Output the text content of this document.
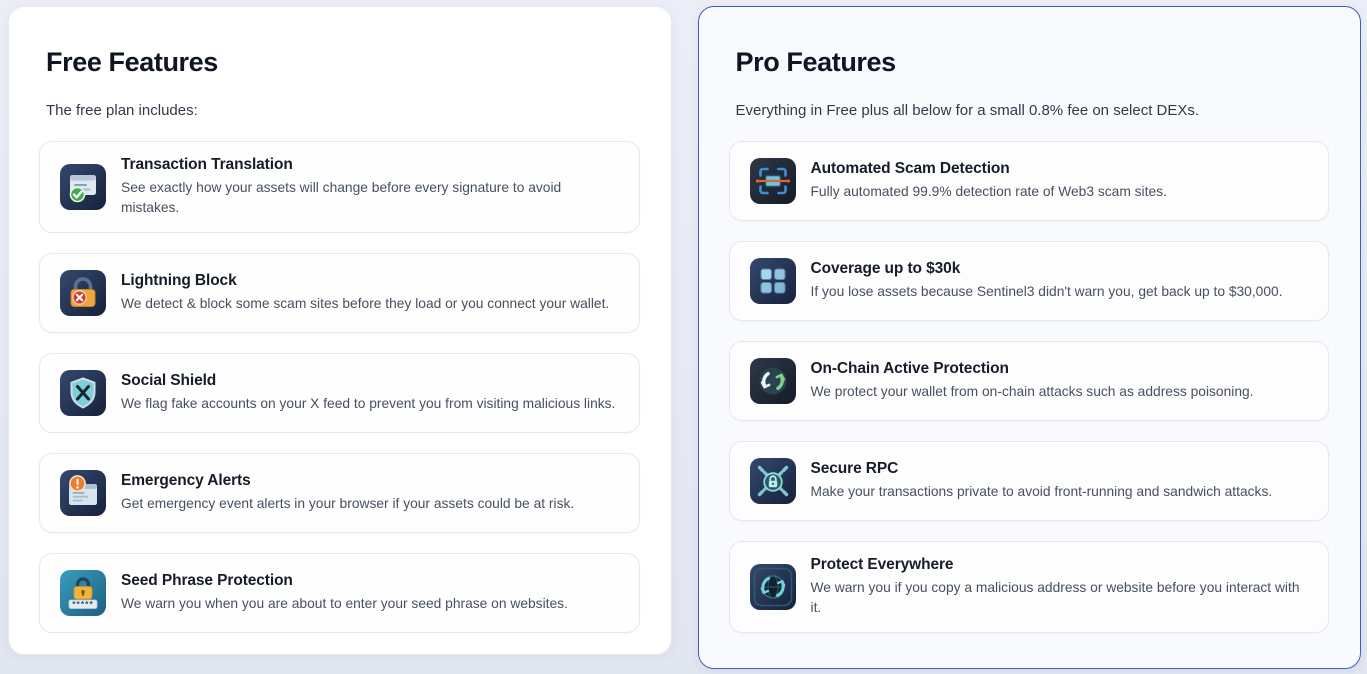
Free Features

The free plan includes:

Transaction Translation
See exactly how your assets will change before every signature to avoid mistakes.
Lightning Block
We detect & block some scam sites before they load or you connect your wallet.
Social Shield
We flag fake accounts on your X feed to prevent you from visiting malicious links.
Emergency Alerts
Get emergency event alerts in your browser if your assets could be at risk.
Seed Phrase Protection
We warn you when you are about to enter your seed phrase on websites.
Pro Features

Everything in Free plus all below for a small 0.8% fee on select DEXs.

Automated Scam Detection
Fully automated 99.9% detection rate of Web3 scam sites.
Coverage up to $30k
If you lose assets because Sentinel3 didn't warn you, get back up to $30,000.
On-Chain Active Protection
We protect your wallet from on-chain attacks such as address poisoning.
Secure RPC
Make your transactions private to avoid front-running and sandwich attacks.
Protect Everywhere
We warn you if you copy a malicious address or website before you interact with it.
